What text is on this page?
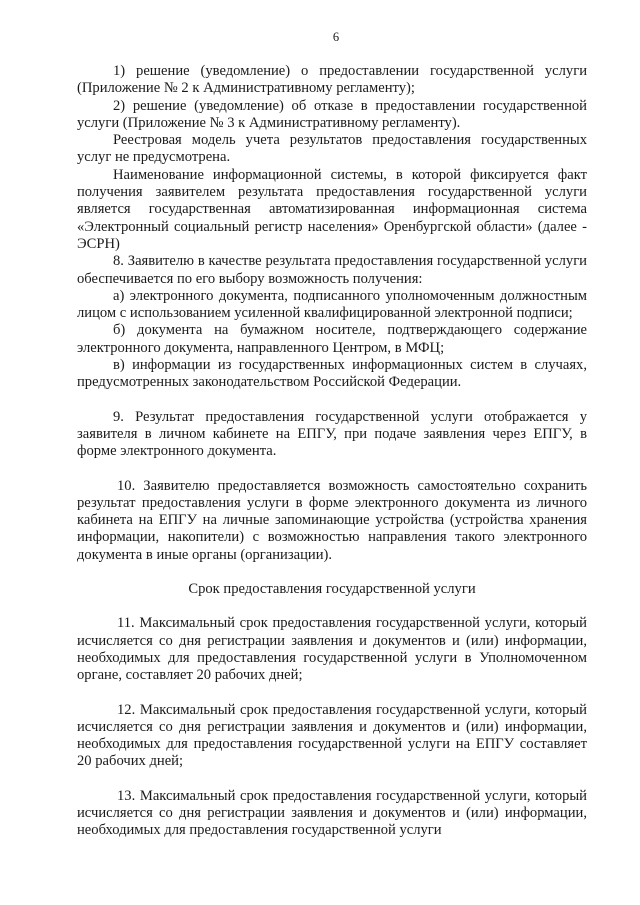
6

1) решение (уведомление) о предоставлении государственной услуги (Приложение № 2 к Административному регламенту);

2) решение (уведомление) об отказе в предоставлении государственной услуги (Приложение № 3 к Административному регламенту).

Реестровая модель учета результатов предоставления государственных услуг не предусмотрена.

Наименование информационной системы, в которой фиксируется факт получения заявителем результата предоставления государственной услуги является государственная автоматизированная информационная система «Электронный социальный регистр населения» Оренбургской области» (далее - ЭСРН)

8. Заявителю в качестве результата предоставления государственной услуги обеспечивается по его выбору возможность получения:

а) электронного документа, подписанного уполномоченным должностным лицом с использованием усиленной квалифицированной электронной подписи;

б) документа на бумажном носителе, подтверждающего содержание электронного документа, направленного Центром, в МФЦ;

в) информации из государственных информационных систем в случаях, предусмотренных законодательством Российской Федерации.

9. Результат предоставления государственной услуги отображается у заявителя в личном кабинете на ЕПГУ, при подаче заявления через ЕПГУ, в форме электронного документа.

10. Заявителю предоставляется возможность самостоятельно сохранить результат предоставления услуги в форме электронного документа из личного кабинета на ЕПГУ на личные запоминающие устройства (устройства хранения информации, накопители) с возможностью направления такого электронного документа в иные органы (организации).

Срок предоставления государственной услуги

11. Максимальный срок предоставления государственной услуги, который исчисляется со дня регистрации заявления и документов и (или) информации, необходимых для предоставления государственной услуги в Уполномоченном органе, составляет 20 рабочих дней;

12. Максимальный срок предоставления государственной услуги, который исчисляется со дня регистрации заявления и документов и (или) информации, необходимых для предоставления государственной услуги на ЕПГУ составляет 20 рабочих дней;

13. Максимальный срок предоставления государственной услуги, который исчисляется со дня регистрации заявления и документов и (или) информации, необходимых для предоставления государственной услуги
